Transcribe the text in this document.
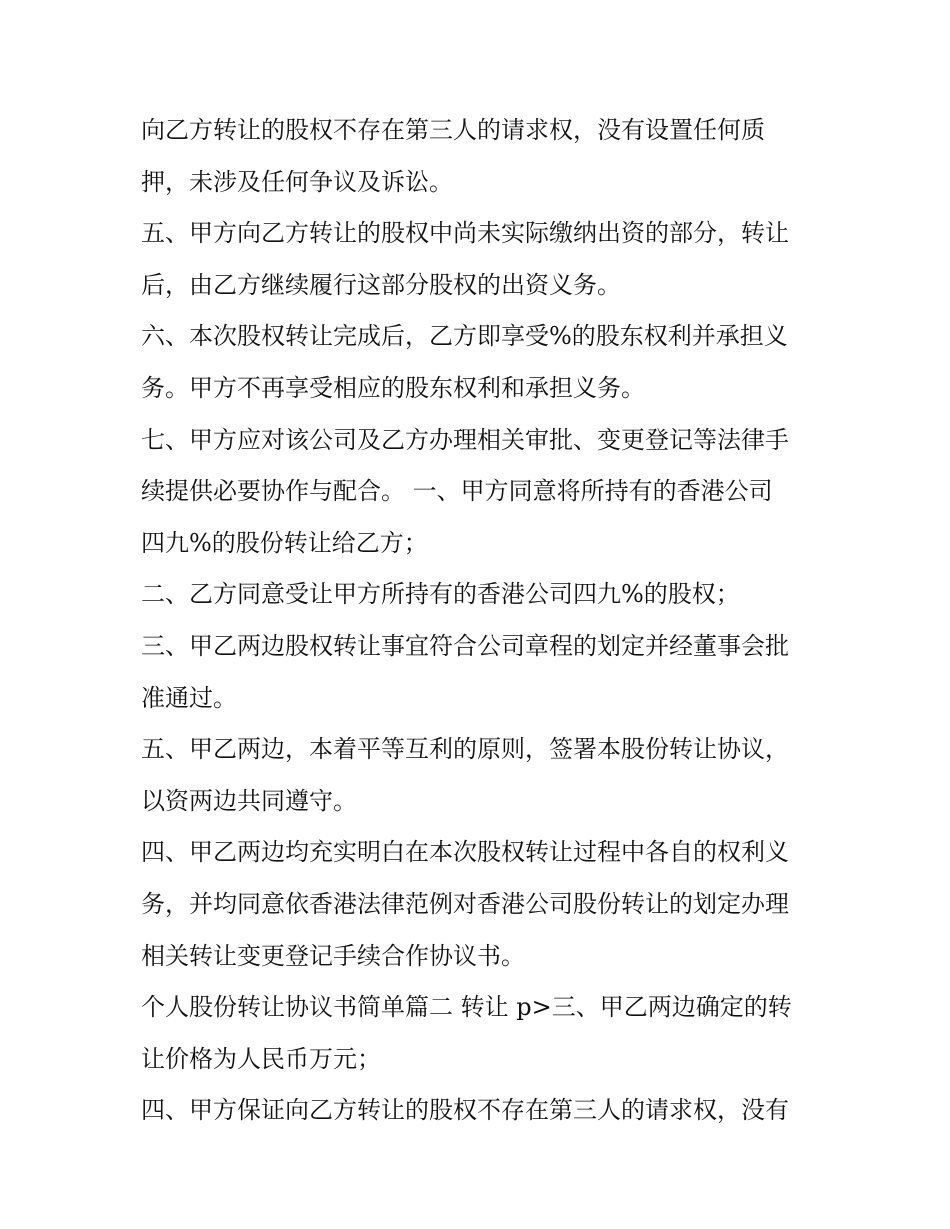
向乙方转让的股权不存在第三人的请求权，没有设置任何质
押，未涉及任何争议及诉讼。
五、甲方向乙方转让的股权中尚未实际缴纳出资的部分，转让
后，由乙方继续履行这部分股权的出资义务。
六、本次股权转让完成后，乙方即享受%的股东权利并承担义
务。甲方不再享受相应的股东权利和承担义务。
七、甲方应对该公司及乙方办理相关审批、变更登记等法律手
续提供必要协作与配合。 一、甲方同意将所持有的香港公司
四九%的股份转让给乙方；
二、乙方同意受让甲方所持有的香港公司四九%的股权；
三、甲乙两边股权转让事宜符合公司章程的划定并经董事会批
准通过。
五、甲乙两边，本着平等互利的原则，签署本股份转让协议，
以资两边共同遵守。
四、甲乙两边均充实明白在本次股权转让过程中各自的权利义
务，并均同意依香港法律范例对香港公司股份转让的划定办理
相关转让变更登记手续合作协议书。
个人股份转让协议书简单篇二 转让 p>三、甲乙两边确定的转
让价格为人民币万元；
四、甲方保证向乙方转让的股权不存在第三人的请求权，没有
